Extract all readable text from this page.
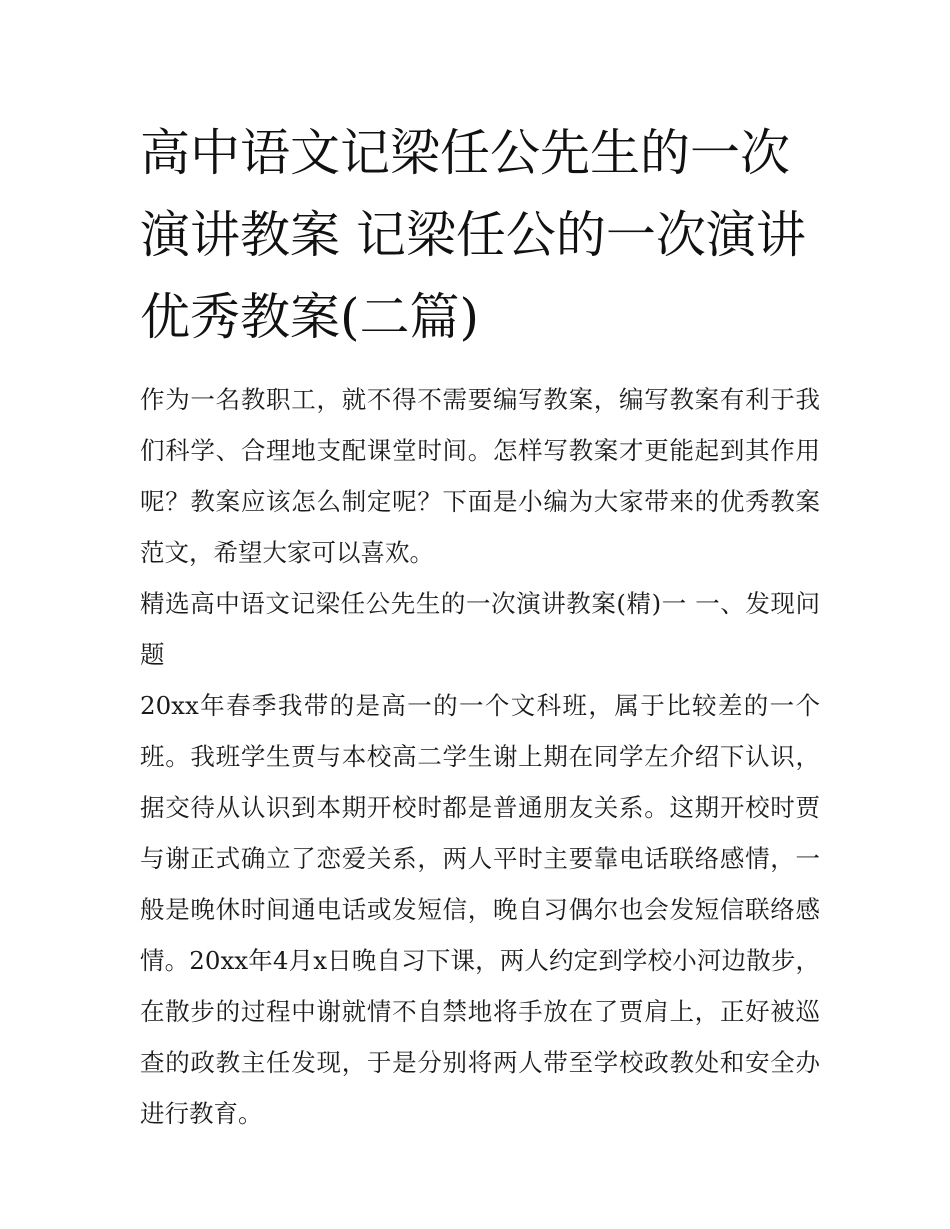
高中语文记梁任公先生的一次
演讲教案 记梁任公的一次演讲
优秀教案(二篇)

作为一名教职工，就不得不需要编写教案，编写教案有利于我们科学、合理地支配课堂时间。怎样写教案才更能起到其作用呢？教案应该怎么制定呢？下面是小编为大家带来的优秀教案范文，希望大家可以喜欢。

精选高中语文记梁任公先生的一次演讲教案(精)一 一、发现问题

20xx年春季我带的是高一的一个文科班，属于比较差的一个班。我班学生贾与本校高二学生谢上期在同学左介绍下认识，据交待从认识到本期开校时都是普通朋友关系。这期开校时贾与谢正式确立了恋爱关系，两人平时主要靠电话联络感情，一般是晚休时间通电话或发短信，晚自习偶尔也会发短信联络感情。20xx年4月x日晚自习下课，两人约定到学校小河边散步，在散步的过程中谢就情不自禁地将手放在了贾肩上，正好被巡查的政教主任发现，于是分别将两人带至学校政教处和安全办进行教育。
